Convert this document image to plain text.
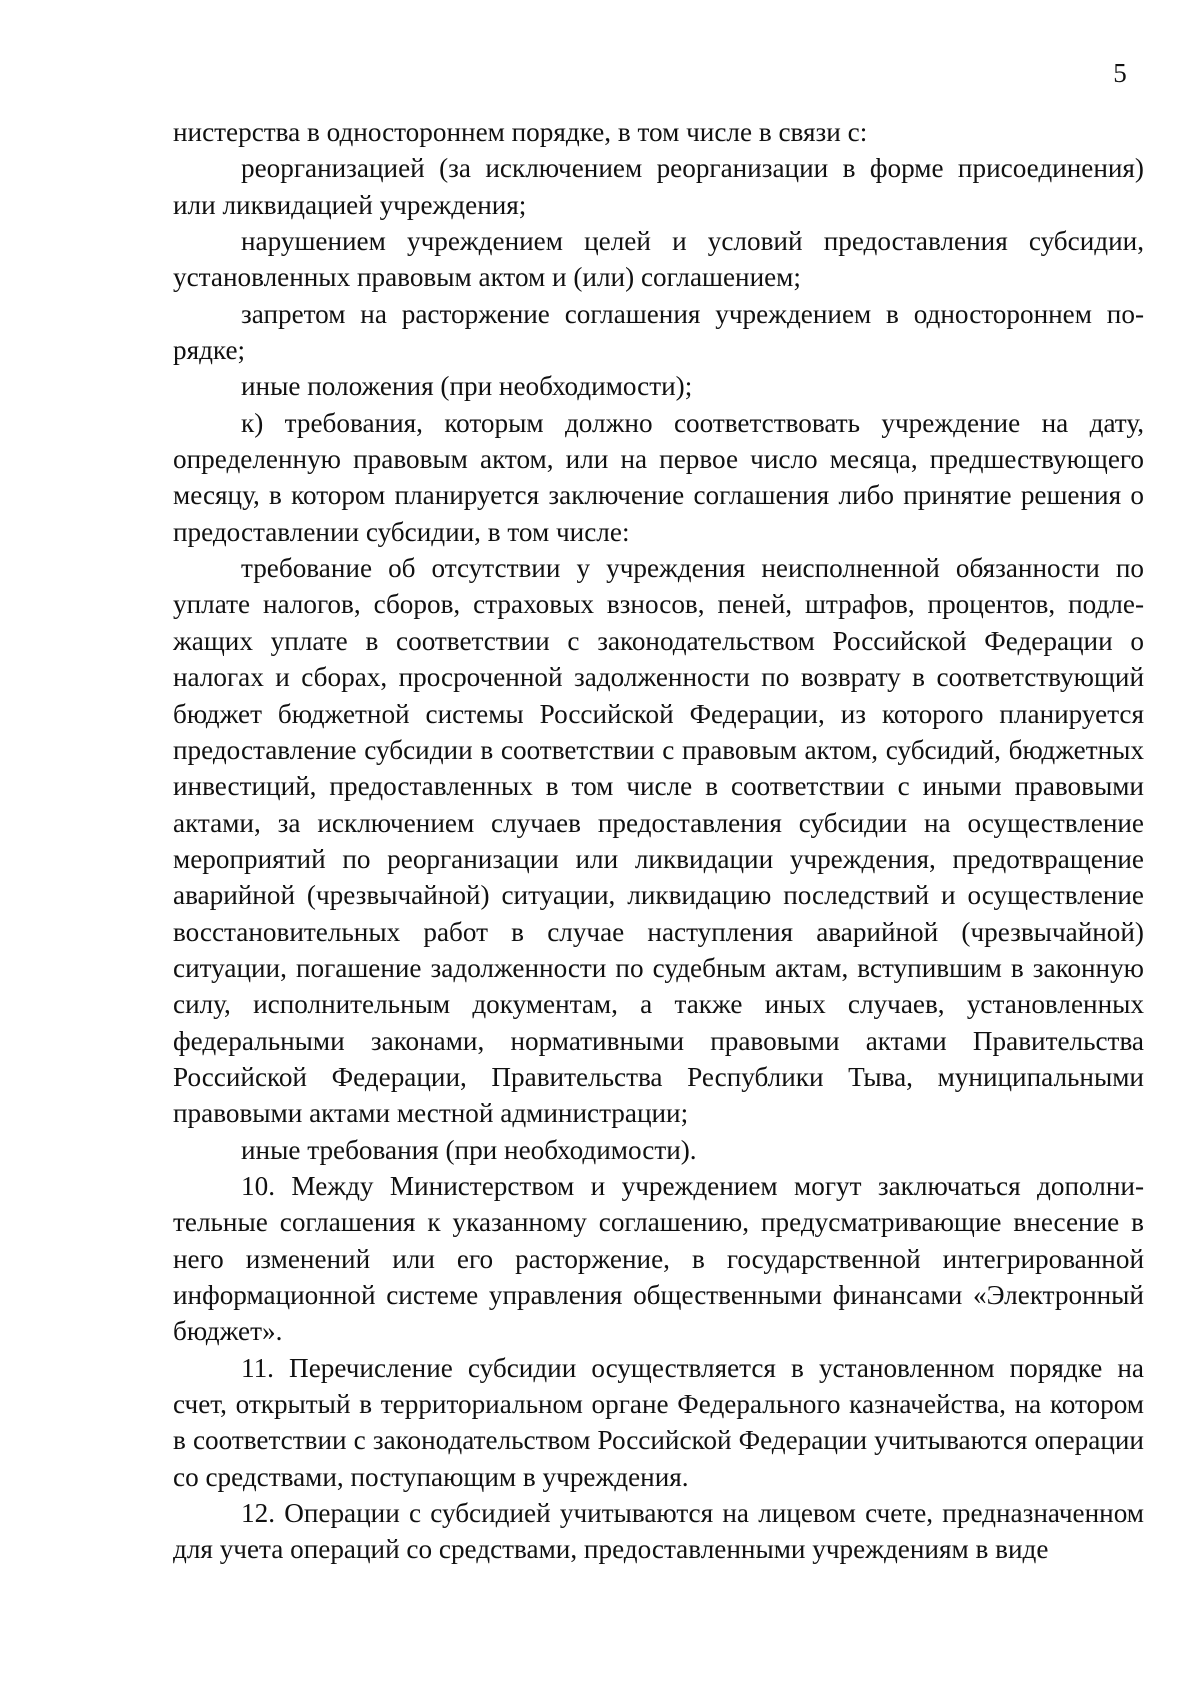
5

нистерства в одностороннем порядке, в том числе в связи с:

реорганизацией (за исключением реорганизации в форме присоединения) или ликвидацией учреждения;

нарушением учреждением целей и условий предоставления субсидии, установленных правовым актом и (или) соглашением;

запретом на расторжение соглашения учреждением в одностороннем порядке;

иные положения (при необходимости);

к) требования, которым должно соответствовать учреждение на дату, определенную правовым актом, или на первое число месяца, предшествующего месяцу, в котором планируется заключение соглашения либо принятие решения о предоставлении субсидии, в том числе:

требование об отсутствии у учреждения неисполненной обязанности по уплате налогов, сборов, страховых взносов, пеней, штрафов, процентов, подлежащих уплате в соответствии с законодательством Российской Федерации о налогах и сборах, просроченной задолженности по возврату в соответствующий бюджет бюджетной системы Российской Федерации, из которого планируется предоставление субсидии в соответствии с правовым актом, субсидий, бюджетных инвестиций, предоставленных в том числе в соответствии с иными правовыми актами, за исключением случаев предоставления субсидии на осуществление мероприятий по реорганизации или ликвидации учреждения, предотвращение аварийной (чрезвычайной) ситуации, ликвидацию последствий и осуществление восстановительных работ в случае наступления аварийной (чрезвычайной) ситуации, погашение задолженности по судебным актам, вступившим в законную силу, исполнительным документам, а также иных случаев, установленных федеральными законами, нормативными правовыми актами Правительства Российской Федерации, Правительства Республики Тыва, муниципальными правовыми актами местной администрации;

иные требования (при необходимости).

10. Между Министерством и учреждением могут заключаться дополнительные соглашения к указанному соглашению, предусматривающие внесение в него изменений или его расторжение, в государственной интегрированной информационной системе управления общественными финансами «Электронный бюджет».

11. Перечисление субсидии осуществляется в установленном порядке на счет, открытый в территориальном органе Федерального казначейства, на котором в соответствии с законодательством Российской Федерации учитываются операции со средствами, поступающим в учреждения.

12. Операции с субсидией учитываются на лицевом счете, предназначенном для учета операций со средствами, предоставленными учреждениям в виде
